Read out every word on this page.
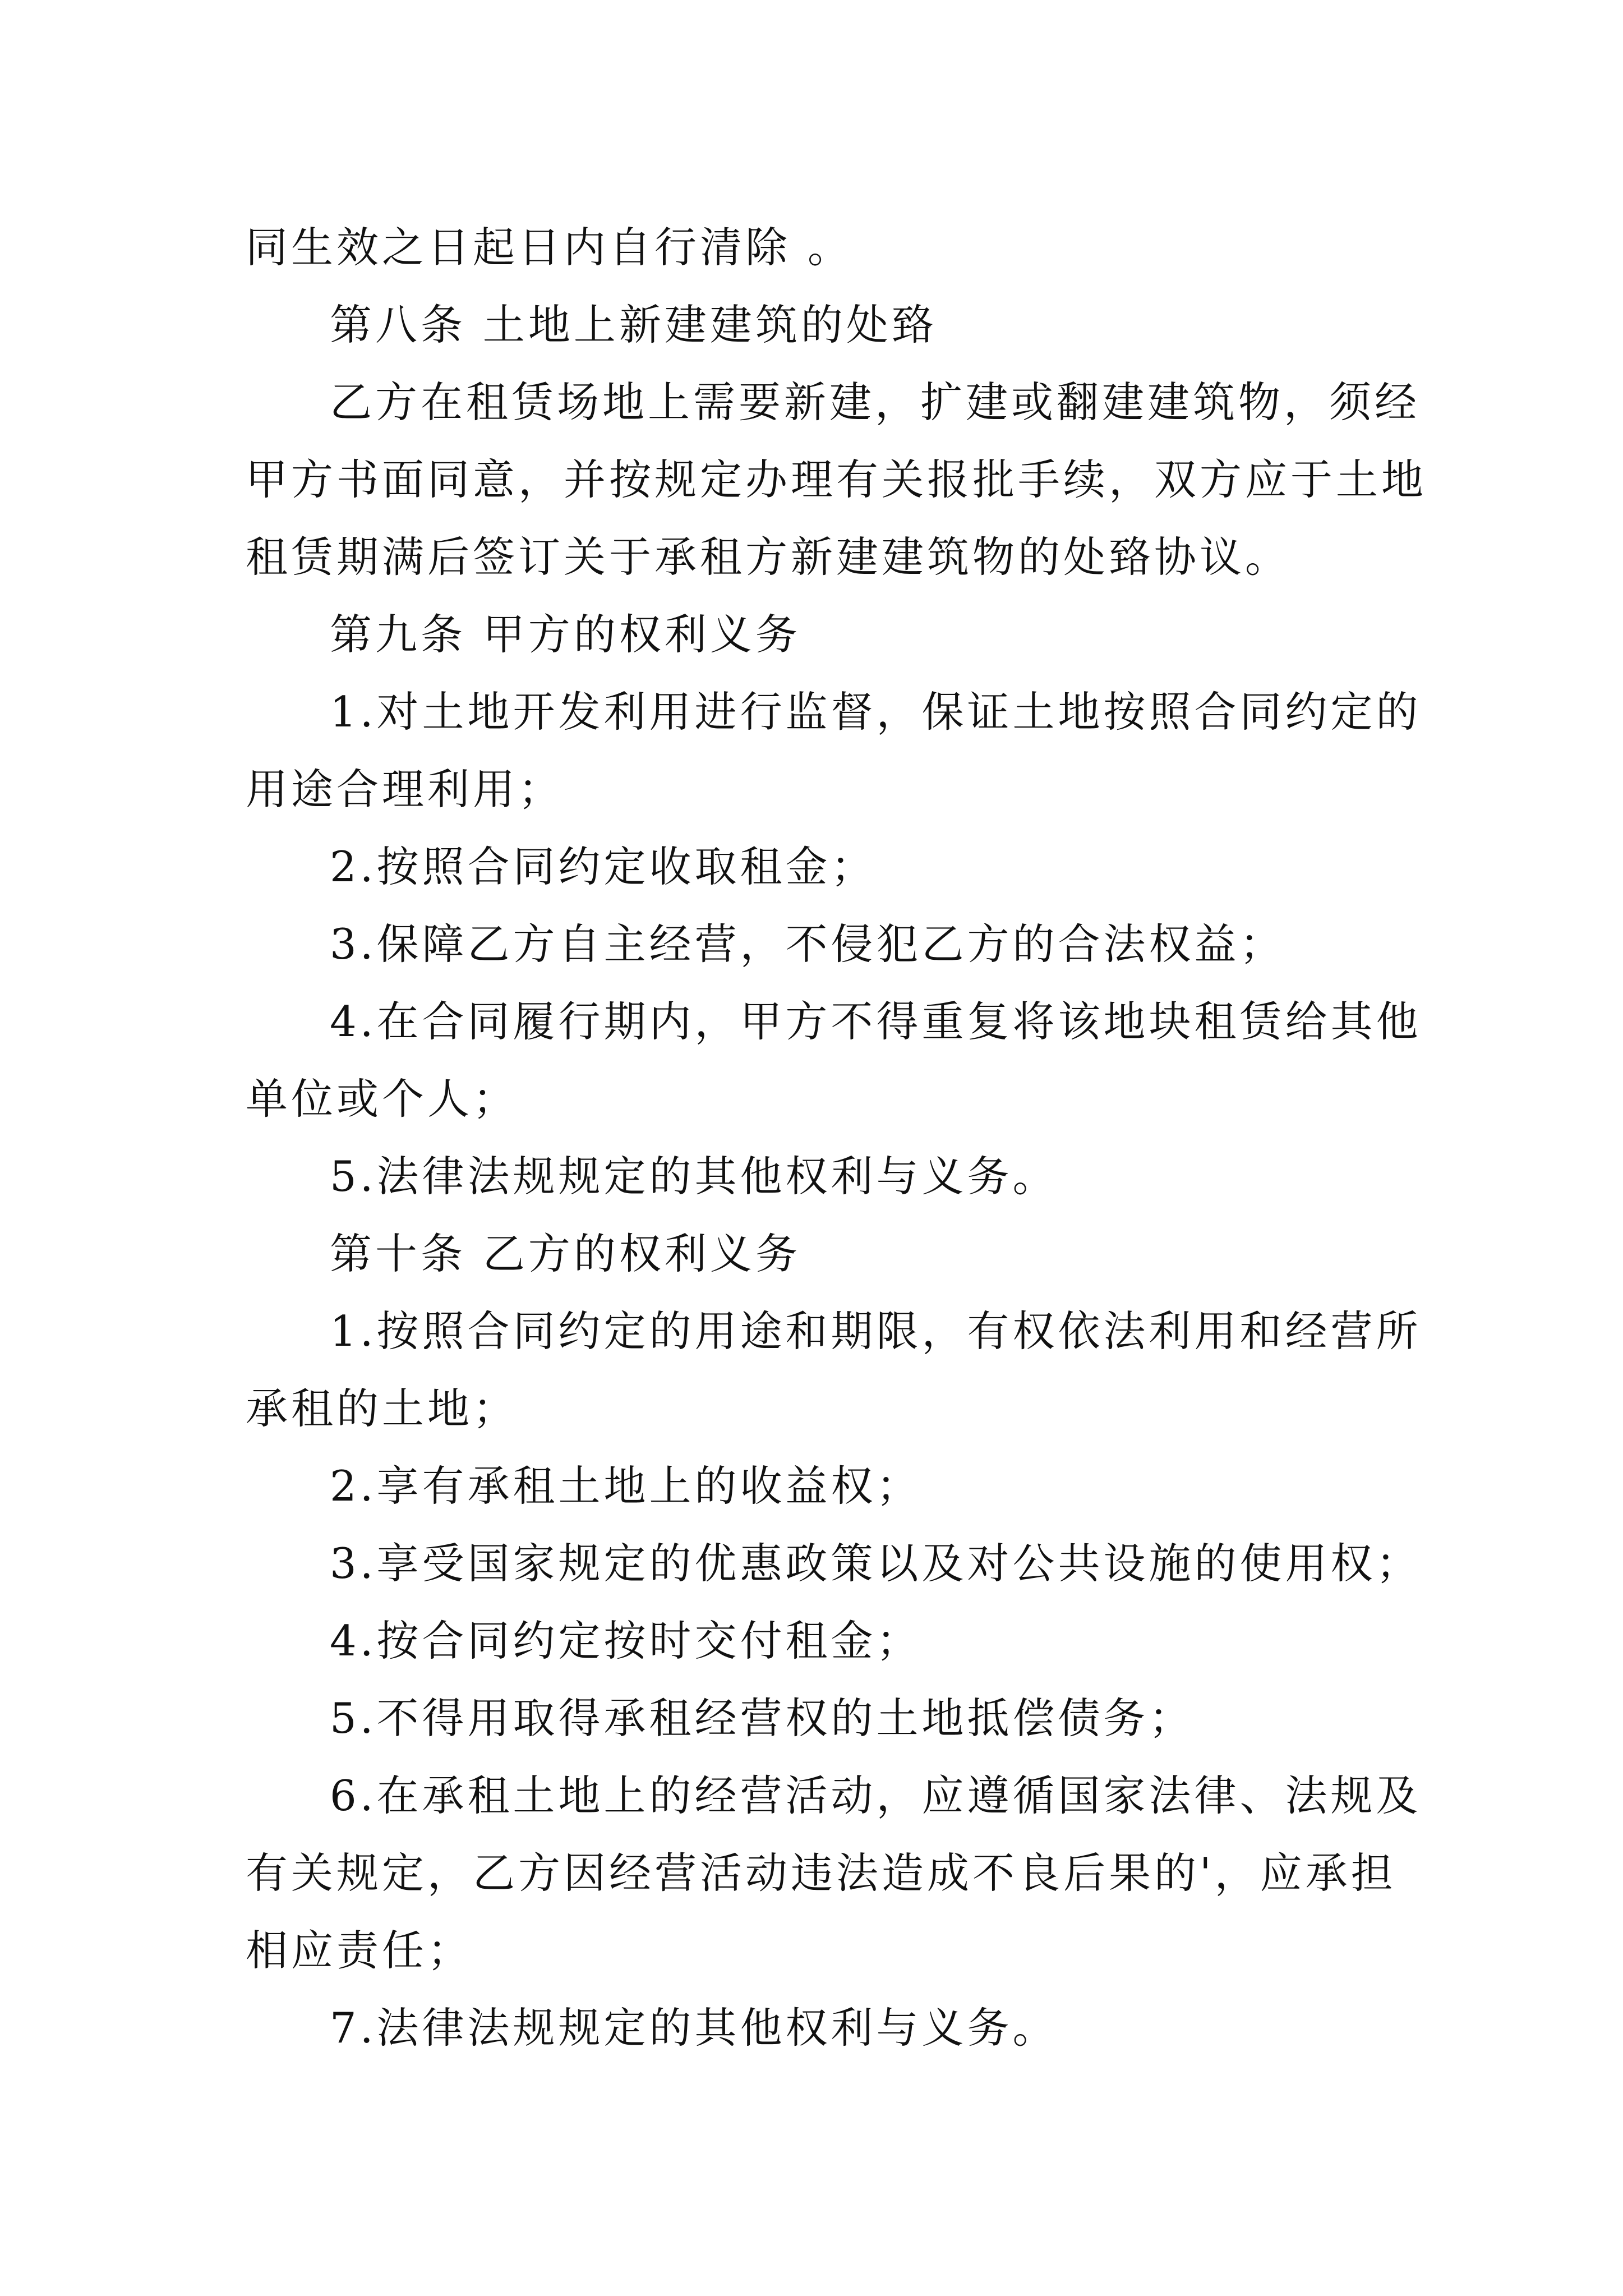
同生效之日起日内自行清除 。
第八条 土地上新建建筑的处臵
乙方在租赁场地上需要新建，扩建或翻建建筑物，须经
甲方书面同意，并按规定办理有关报批手续，双方应于土地
租赁期满后签订关于承租方新建建筑物的处臵协议。
第九条 甲方的权利义务
1.对土地开发利用进行监督，保证土地按照合同约定的
用途合理利用；
2.按照合同约定收取租金；
3.保障乙方自主经营，不侵犯乙方的合法权益；
4.在合同履行期内，甲方不得重复将该地块租赁给其他
单位或个人；
5.法律法规规定的其他权利与义务。
第十条 乙方的权利义务
1.按照合同约定的用途和期限，有权依法利用和经营所
承租的土地；
2.享有承租土地上的收益权；
3.享受国家规定的优惠政策以及对公共设施的使用权；
4.按合同约定按时交付租金；
5.不得用取得承租经营权的土地抵偿债务；
6.在承租土地上的经营活动，应遵循国家法律、法规及
有关规定，乙方因经营活动违法造成不良后果的'，应承担
相应责任；
7.法律法规规定的其他权利与义务。
